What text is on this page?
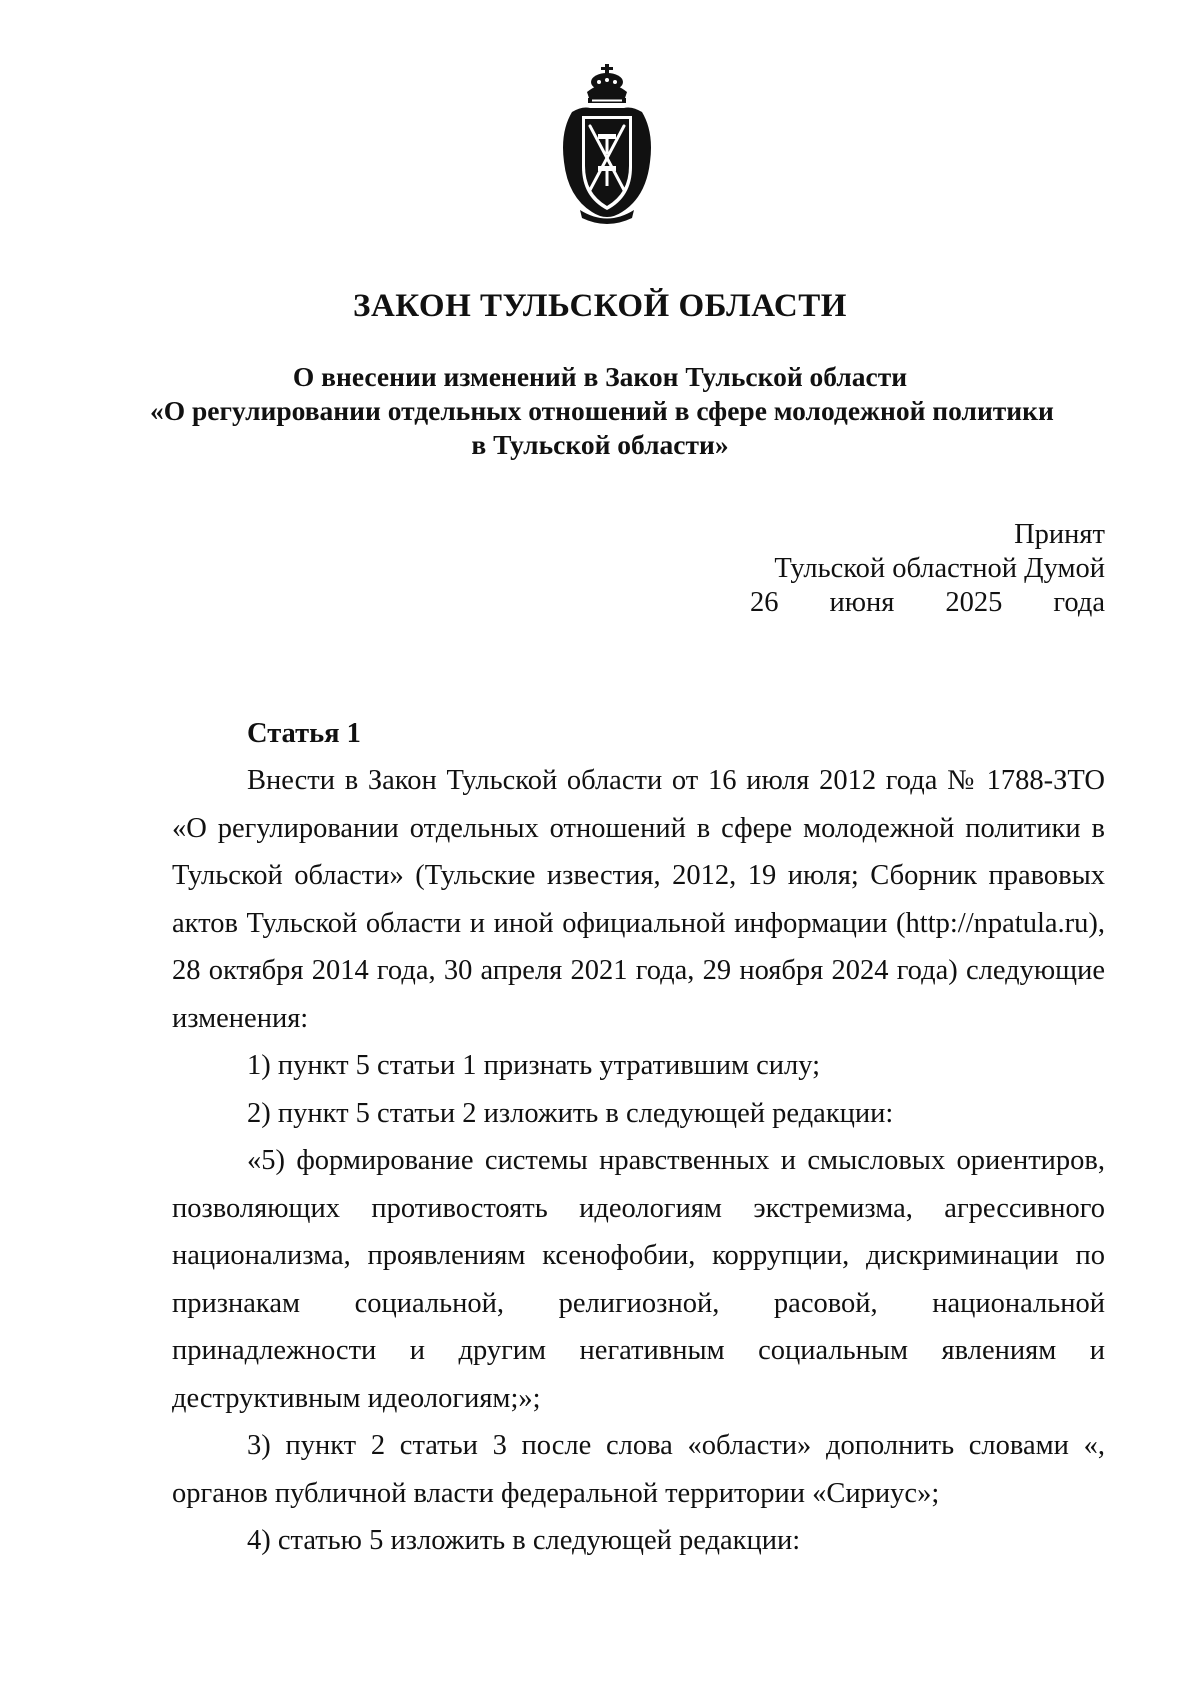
ЗАКОН ТУЛЬСКОЙ ОБЛАСТИ
О внесении изменений в Закон Тульской области
«О регулировании отдельных отношений в сфере молодежной политики
в Тульской области»
Принят
Тульской областной Думой
26 июня 2025 года
Статья 1

Внести в Закон Тульской области от 16 июля 2012 года № 1788-ЗТО «О регулировании отдельных отношений в сфере молодежной политики в Тульской области» (Тульские известия, 2012, 19 июля; Сборник правовых актов Тульской области и иной официальной информации (http://npatula.ru), 28 октября 2014 года, 30 апреля 2021 года, 29 ноября 2024 года) следующие изменения:

1) пункт 5 статьи 1 признать утратившим силу;

2) пункт 5 статьи 2 изложить в следующей редакции:

«5) формирование системы нравственных и смысловых ориентиров, позволяющих противостоять идеологиям экстремизма, агрессивного национализма, проявлениям ксенофобии, коррупции, дискриминации по признакам социальной, религиозной, расовой, национальной принадлежности и другим негативным социальным явлениям и деструктивным идеологиям;»;

3) пункт 2 статьи 3 после слова «области» дополнить словами «, органов публичной власти федеральной территории «Сириус»;

4) статью 5 изложить в следующей редакции:
